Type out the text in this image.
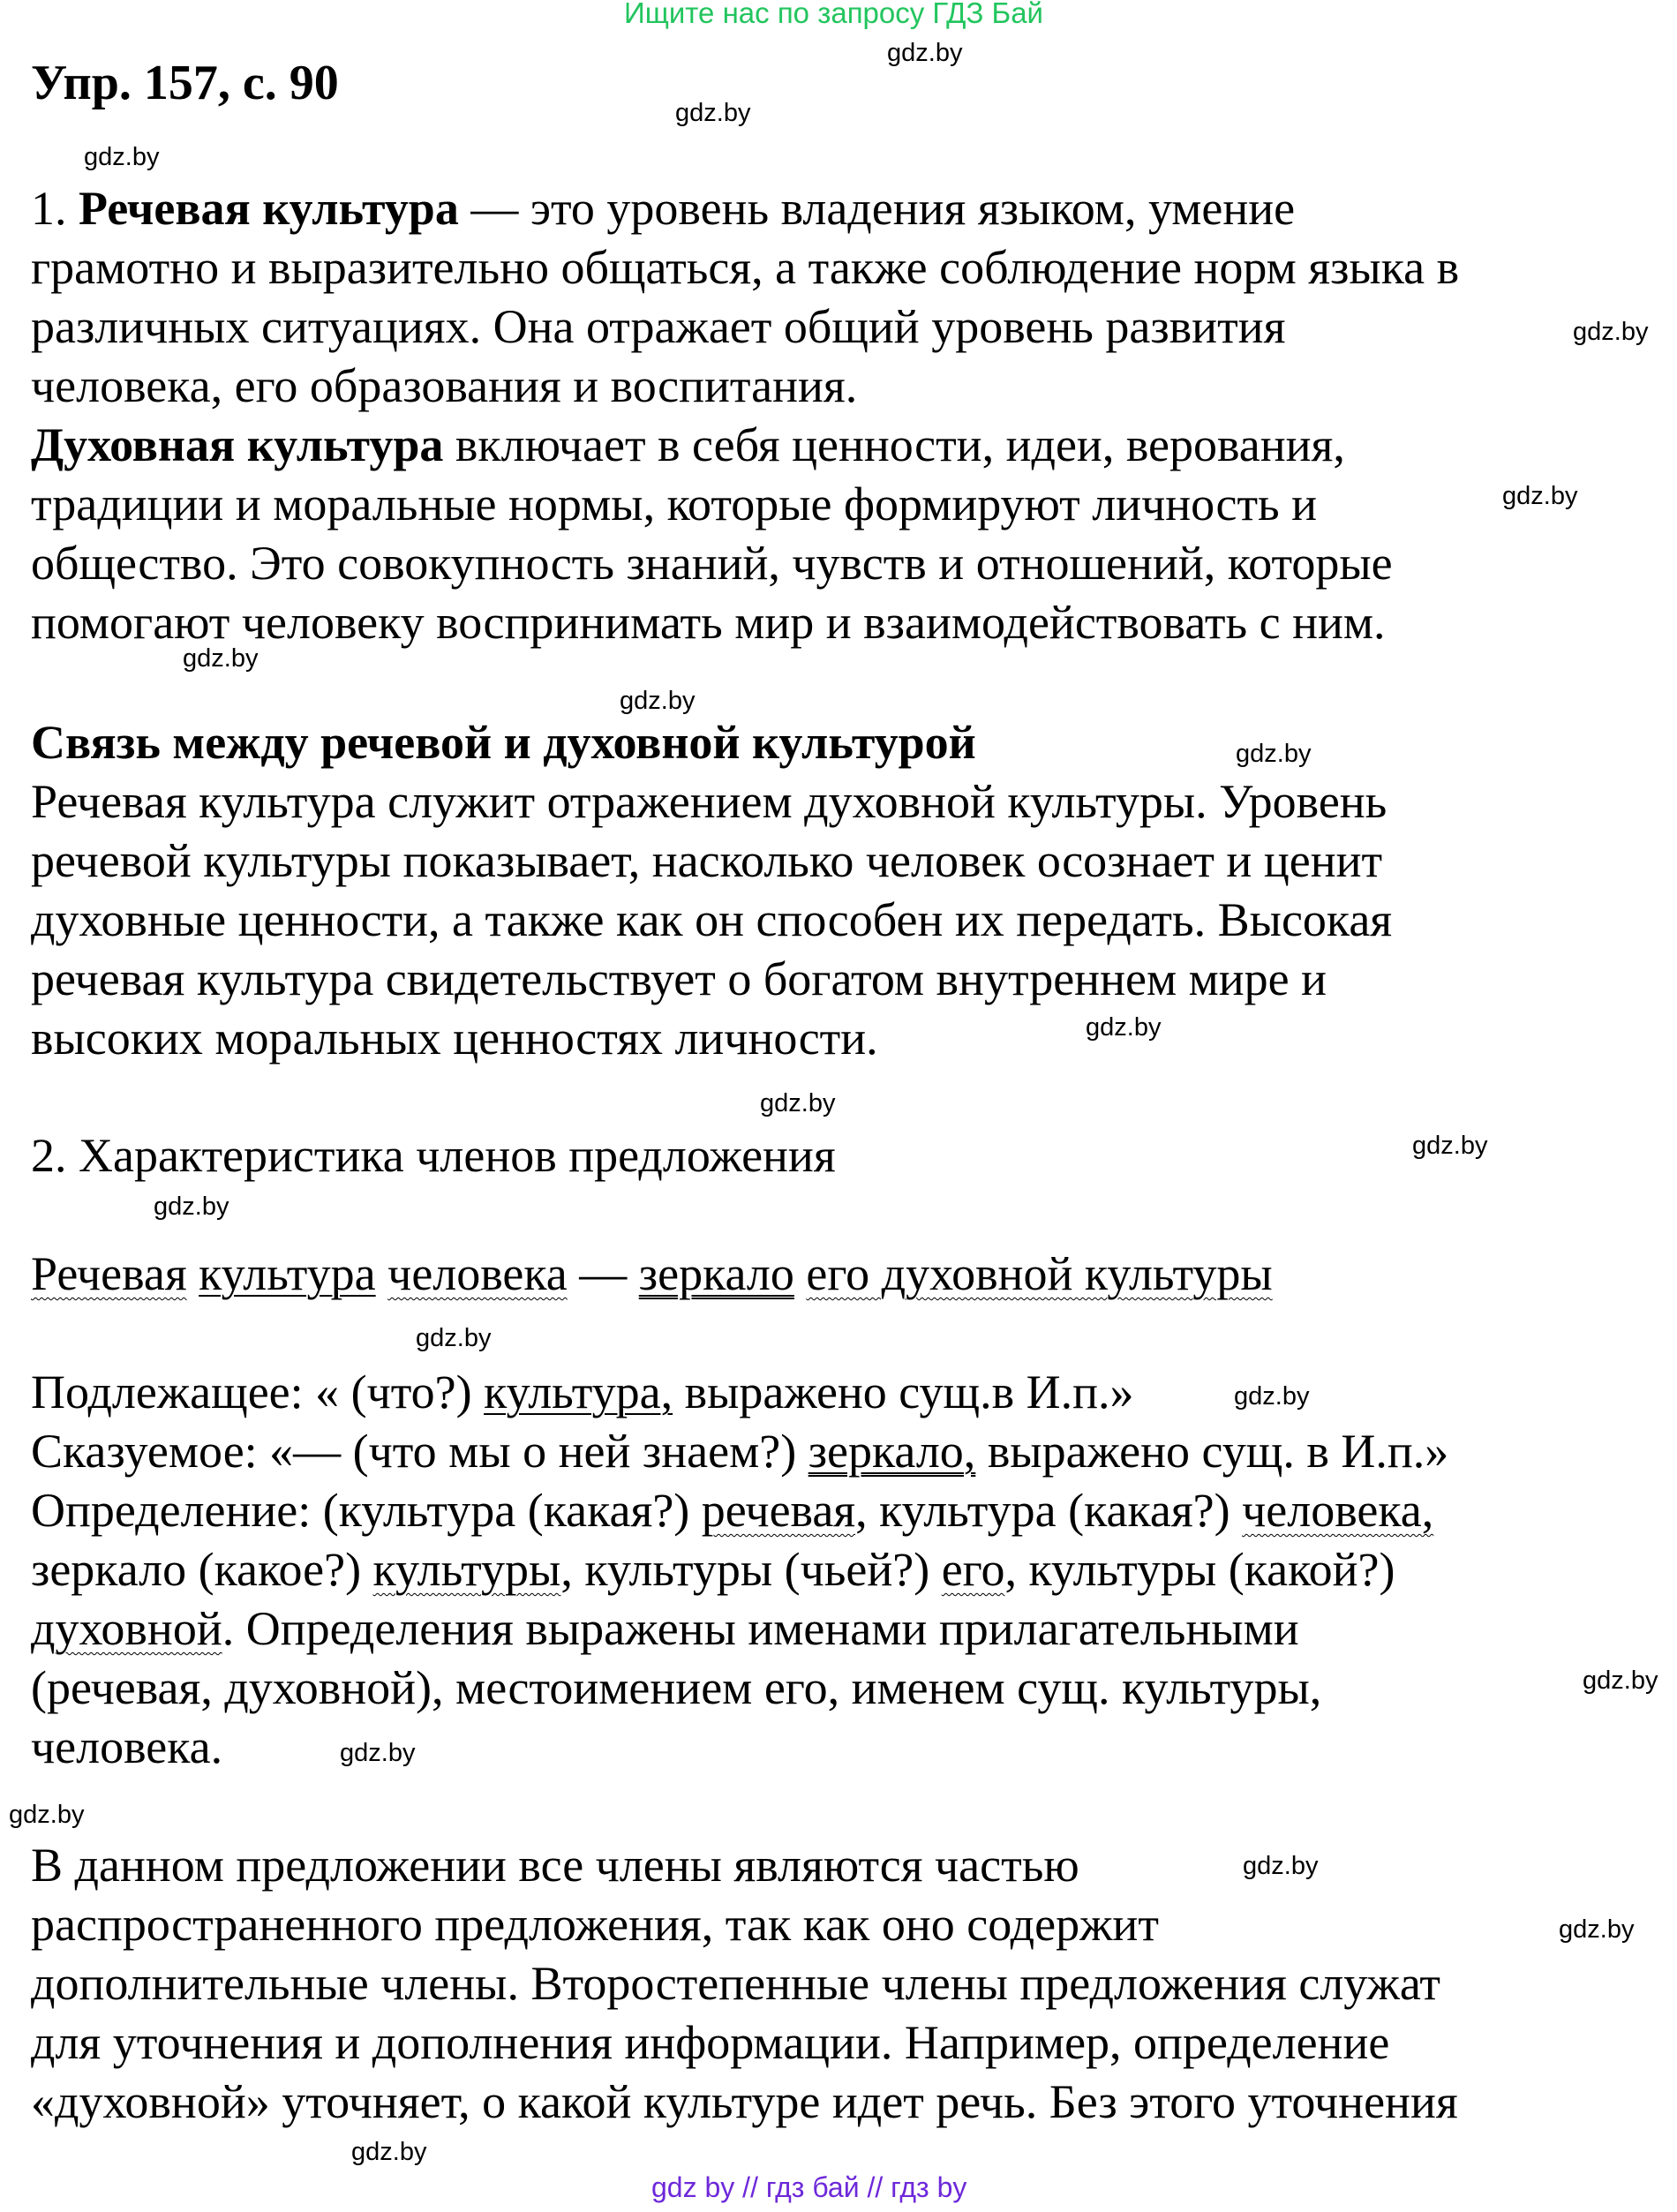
Ищите нас по запросу ГДЗ Бай
Упр. 157, с. 90
1. Речевая культура — это уровень владения языком, умение
грамотно и выразительно общаться, а также соблюдение норм языка в
различных ситуациях. Она отражает общий уровень развития
человека, его образования и воспитания.
Духовная культура включает в себя ценности, идеи, верования,
традиции и моральные нормы, которые формируют личность и
общество. Это совокупность знаний, чувств и отношений, которые
помогают человеку воспринимать мир и взаимодействовать с ним.
Связь между речевой и духовной культурой
Речевая культура служит отражением духовной культуры. Уровень
речевой культуры показывает, насколько человек осознает и ценит
духовные ценности, а также как он способен их передать. Высокая
речевая культура свидетельствует о богатом внутреннем мире и
высоких моральных ценностях личности.
2. Характеристика членов предложения
Речевая культура человека — зеркало его духовной культуры
Подлежащее: « (что?) культура, выражено сущ.в И.п.»
Сказуемое: «— (что мы о ней знаем?) зеркало, выражено сущ. в И.п.»
Определение: (культура (какая?) речевая, культура (какая?) человека,
зеркало (какое?) культуры, культуры (чьей?) его, культуры (какой?)
духовной. Определения выражены именами прилагательными
(речевая, духовной), местоимением его, именем сущ. культуры,
человека.
В данном предложении все члены являются частью
распространенного предложения, так как оно содержит
дополнительные члены. Второстепенные члены предложения служат
для уточнения и дополнения информации. Например, определение
«духовной» уточняет, о какой культуре идет речь. Без этого уточнения
gdz.by
gdz.by
gdz.by
gdz.by
gdz.by
gdz.by
gdz.by
gdz.by
gdz.by
gdz.by
gdz.by
gdz.by
gdz.by
gdz.by
gdz.by
gdz.by
gdz.by
gdz.by
gdz.by
gdz.by
gdz by // гдз бай // гдз by
